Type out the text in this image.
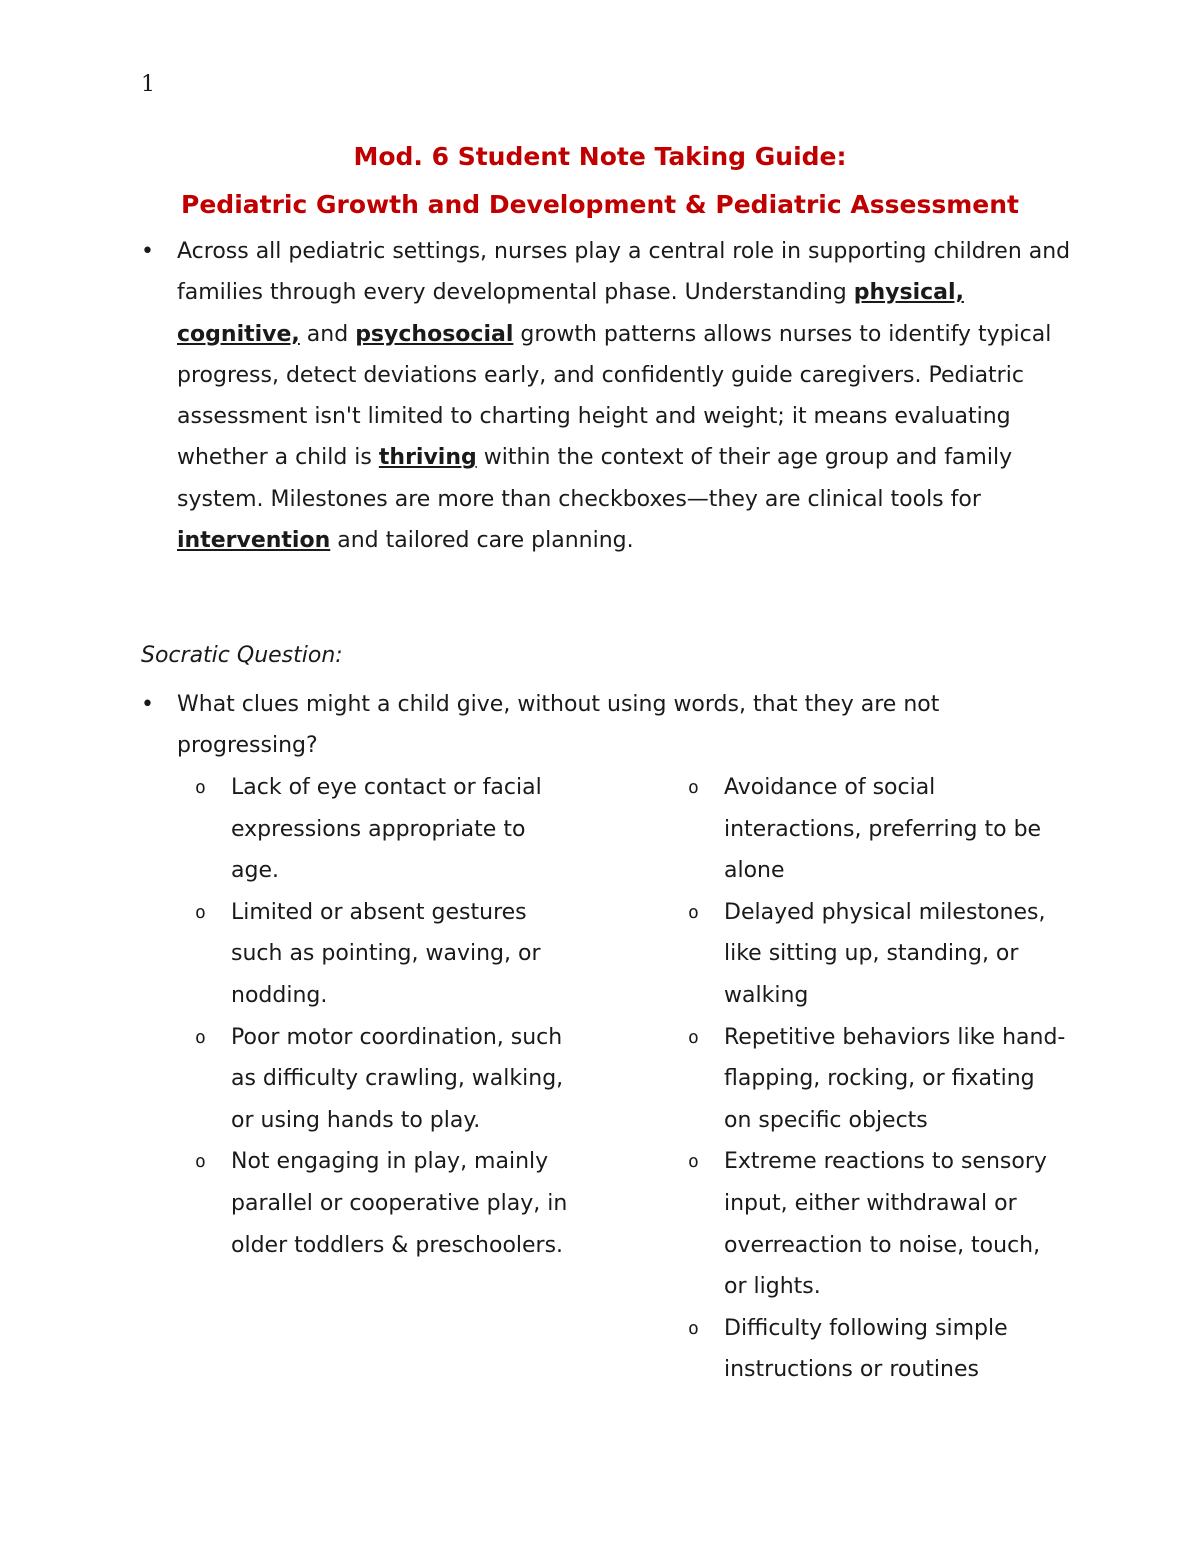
1
Mod. 6 Student Note Taking Guide:
Pediatric Growth and Development & Pediatric Assessment
•	Across all pediatric settings, nurses play a central role in supporting children and families through every developmental phase. Understanding physical, cognitive, and psychosocial growth patterns allows nurses to identify typical progress, detect deviations early, and confidently guide caregivers. Pediatric assessment isn't limited to charting height and weight; it means evaluating whether a child is thriving within the context of their age group and family system. Milestones are more than checkboxes—they are clinical tools for intervention and tailored care planning.
Socratic Question:
•	What clues might a child give, without using words, that they are not progressing?
o	Lack of eye contact or facial expressions appropriate to age.
o	Limited or absent gestures such as pointing, waving, or nodding.
o	Poor motor coordination, such as difficulty crawling, walking, or using hands to play.
o	Not engaging in play, mainly parallel or cooperative play, in older toddlers & preschoolers.
o	Avoidance of social interactions, preferring to be alone
o	Delayed physical milestones, like sitting up, standing, or walking
o	Repetitive behaviors like hand-flapping, rocking, or fixating on specific objects
o	Extreme reactions to sensory input, either withdrawal or overreaction to noise, touch, or lights.
o	Difficulty following simple instructions or routines
